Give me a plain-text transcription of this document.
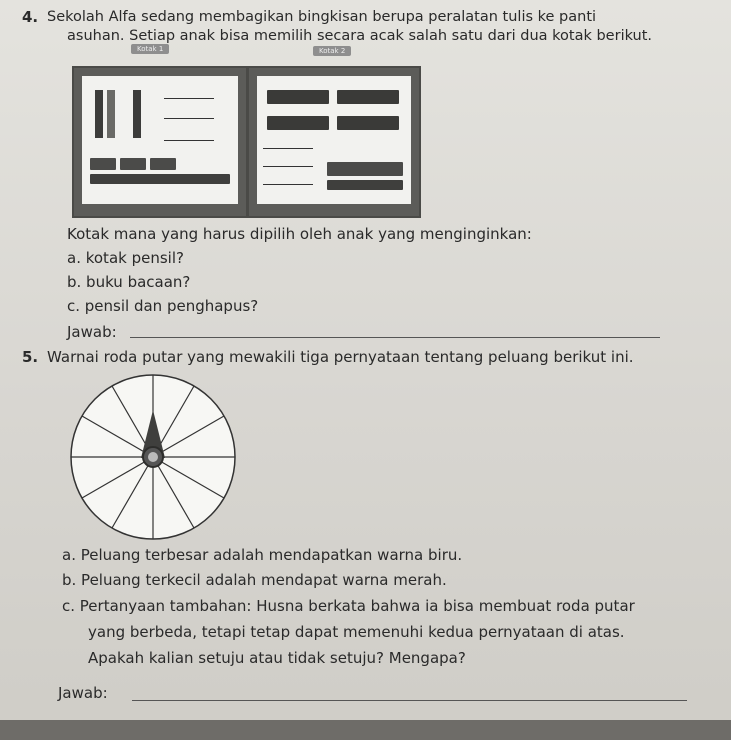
4. Sekolah Alfa sedang membagikan bingkisan berupa peralatan tulis ke panti
asuhan. Setiap anak bisa memilih secara acak salah satu dari dua kotak berikut.
Kotak 1	Kotak 2
Kotak mana yang harus dipilih oleh anak yang menginginkan:
a. kotak pensil?
b. buku bacaan?
c. pensil dan penghapus?
Jawab:
5. Warnai roda putar yang mewakili tiga pernyataan tentang peluang berikut ini.
a. Peluang terbesar adalah mendapatkan warna biru.
b. Peluang terkecil adalah mendapat warna merah.
c. Pertanyaan tambahan: Husna berkata bahwa ia bisa membuat roda putar
yang berbeda, tetapi tetap dapat memenuhi kedua pernyataan di atas.
Apakah kalian setuju atau tidak setuju? Mengapa?
Jawab:
